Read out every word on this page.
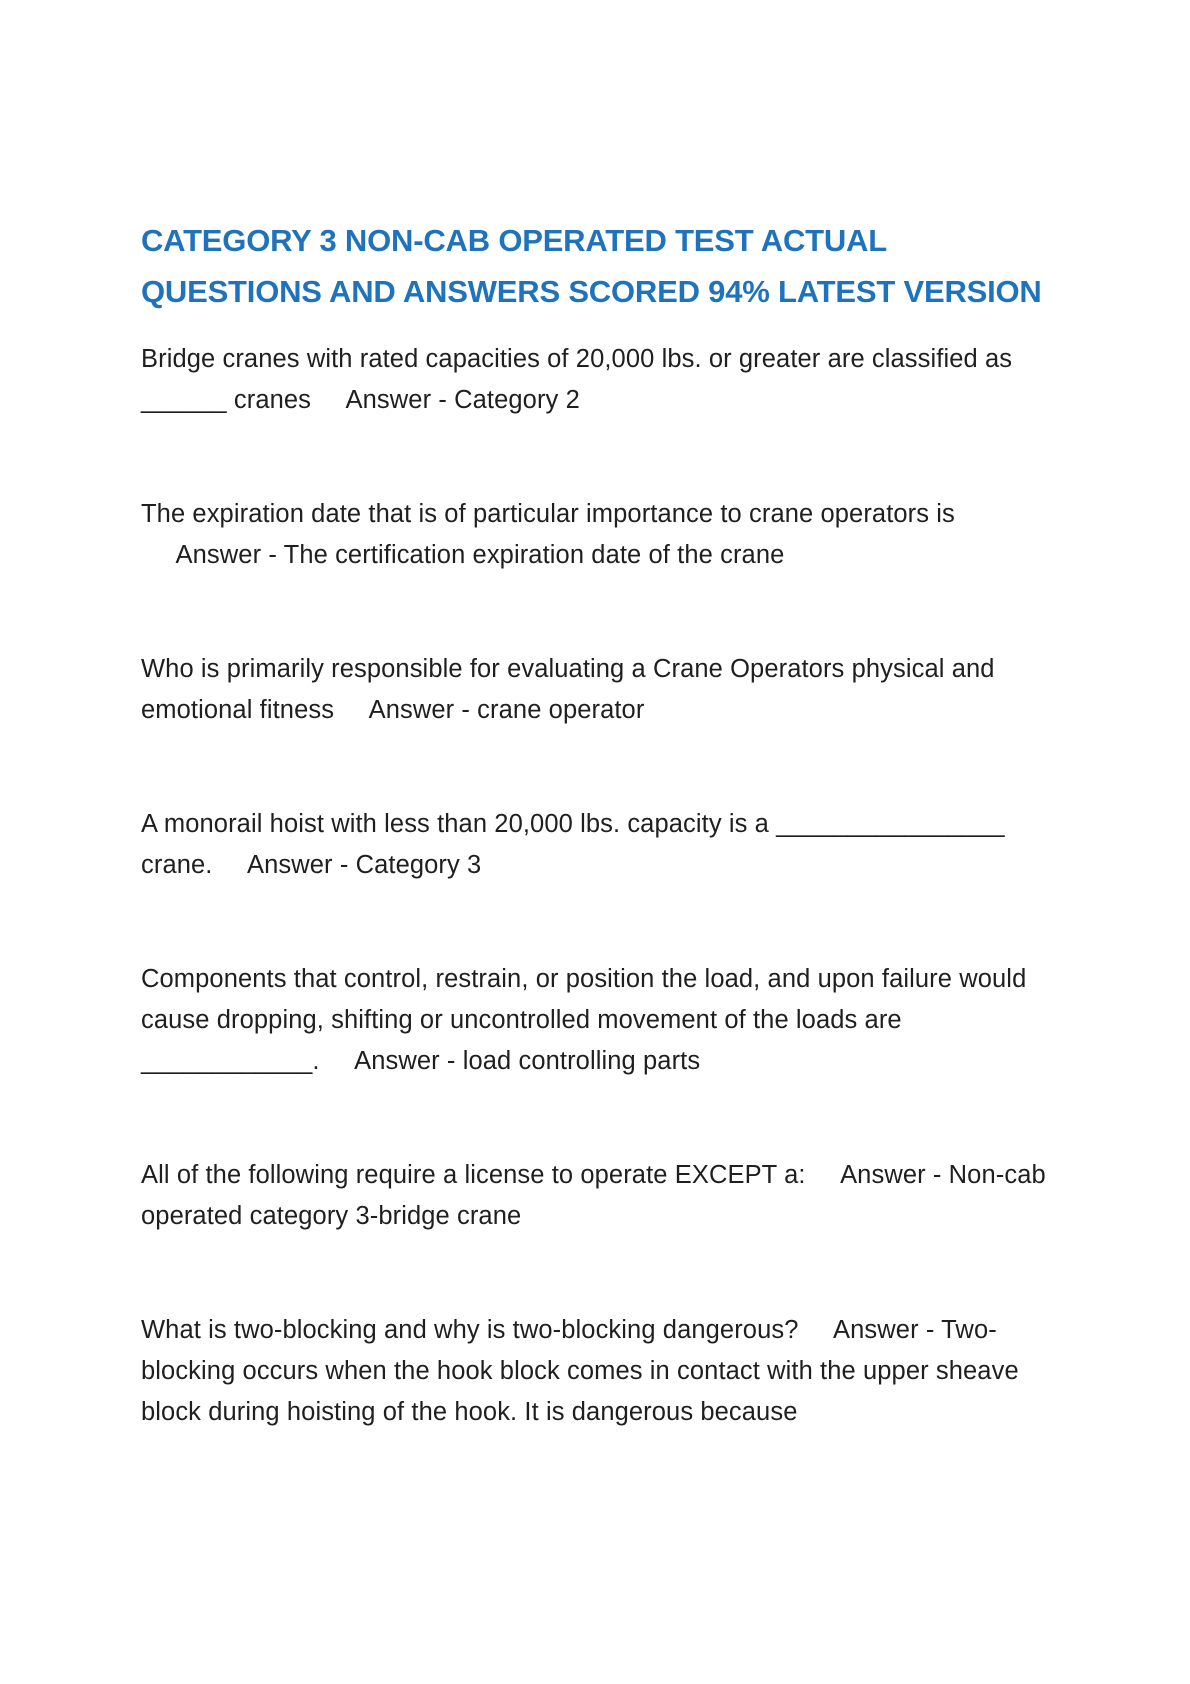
CATEGORY 3 NON-CAB OPERATED TEST ACTUAL QUESTIONS AND ANSWERS SCORED 94% LATEST VERSION

Bridge cranes with rated capacities of 20,000 lbs. or greater are classified as ______ cranes Answer - Category 2

The expiration date that is of particular importance to crane operators is     Answer - The certification expiration date of the crane

Who is primarily responsible for evaluating a Crane Operators physical and emotional fitness Answer - crane operator

A monorail hoist with less than 20,000 lbs. capacity is a ________________ crane. Answer - Category 3

Components that control, restrain, or position the load, and upon failure would cause dropping, shifting or uncontrolled movement of the loads are ____________. Answer - load controlling parts

All of the following require a license to operate EXCEPT a: Answer - Non-cab operated category 3-bridge crane

What is two-blocking and why is two-blocking dangerous? Answer - Two-blocking occurs when the hook block comes in contact with the upper sheave block during hoisting of the hook. It is dangerous because
